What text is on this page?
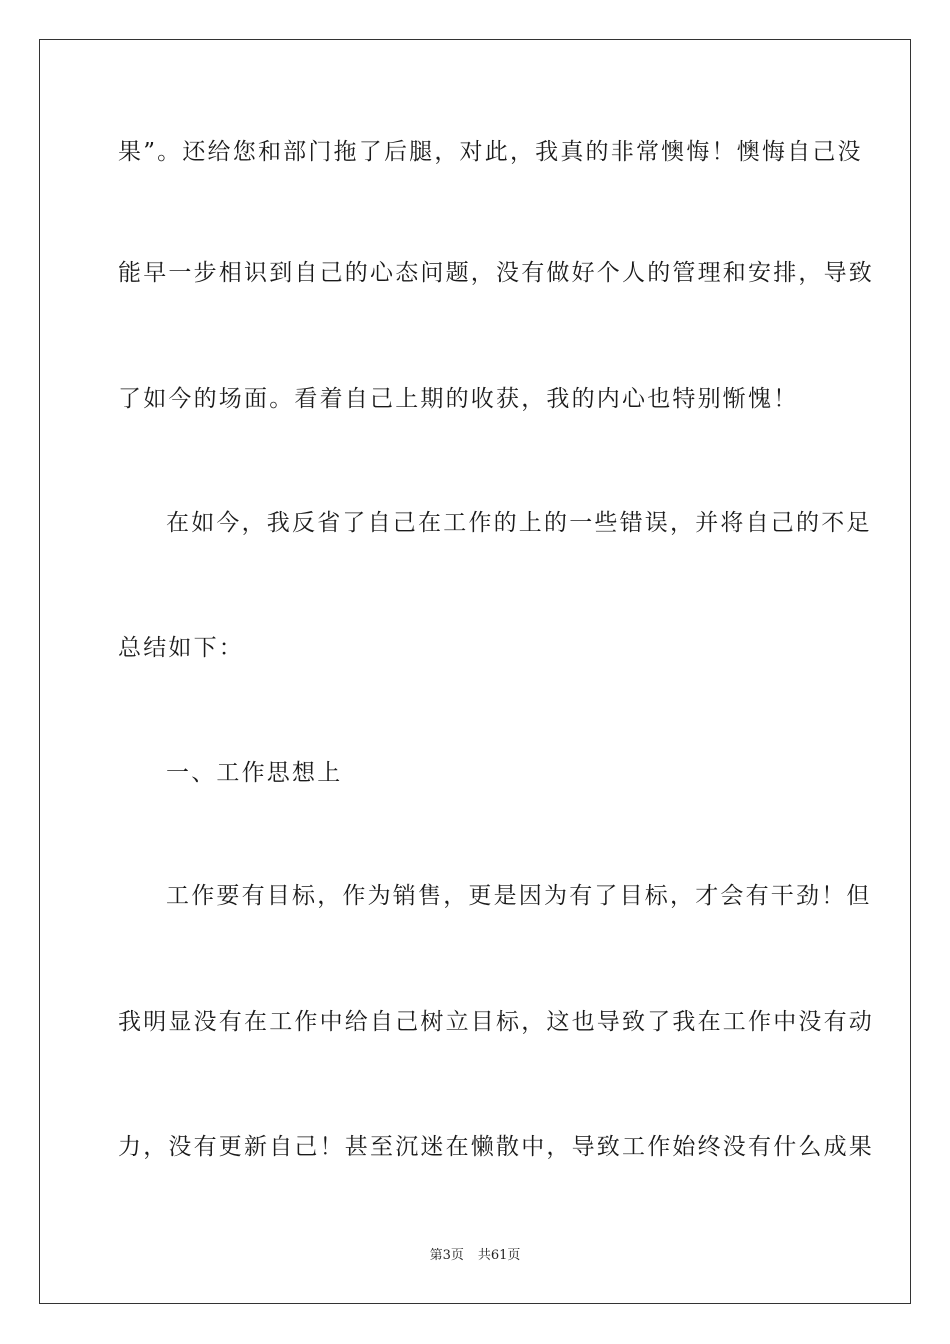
果”。还给您和部门拖了后腿，对此，我真的非常懊悔！懊悔自己没
能早一步相识到自己的心态问题，没有做好个人的管理和安排，导致
了如今的场面。看着自己上期的收获，我的内心也特别惭愧！
在如今，我反省了自己在工作的上的一些错误，并将自己的不足
总结如下：
一、工作思想上
工作要有目标，作为销售，更是因为有了目标，才会有干劲！但
我明显没有在工作中给自己树立目标，这也导致了我在工作中没有动
力，没有更新自己！甚至沉迷在懒散中，导致工作始终没有什么成果
第3页 共61页
